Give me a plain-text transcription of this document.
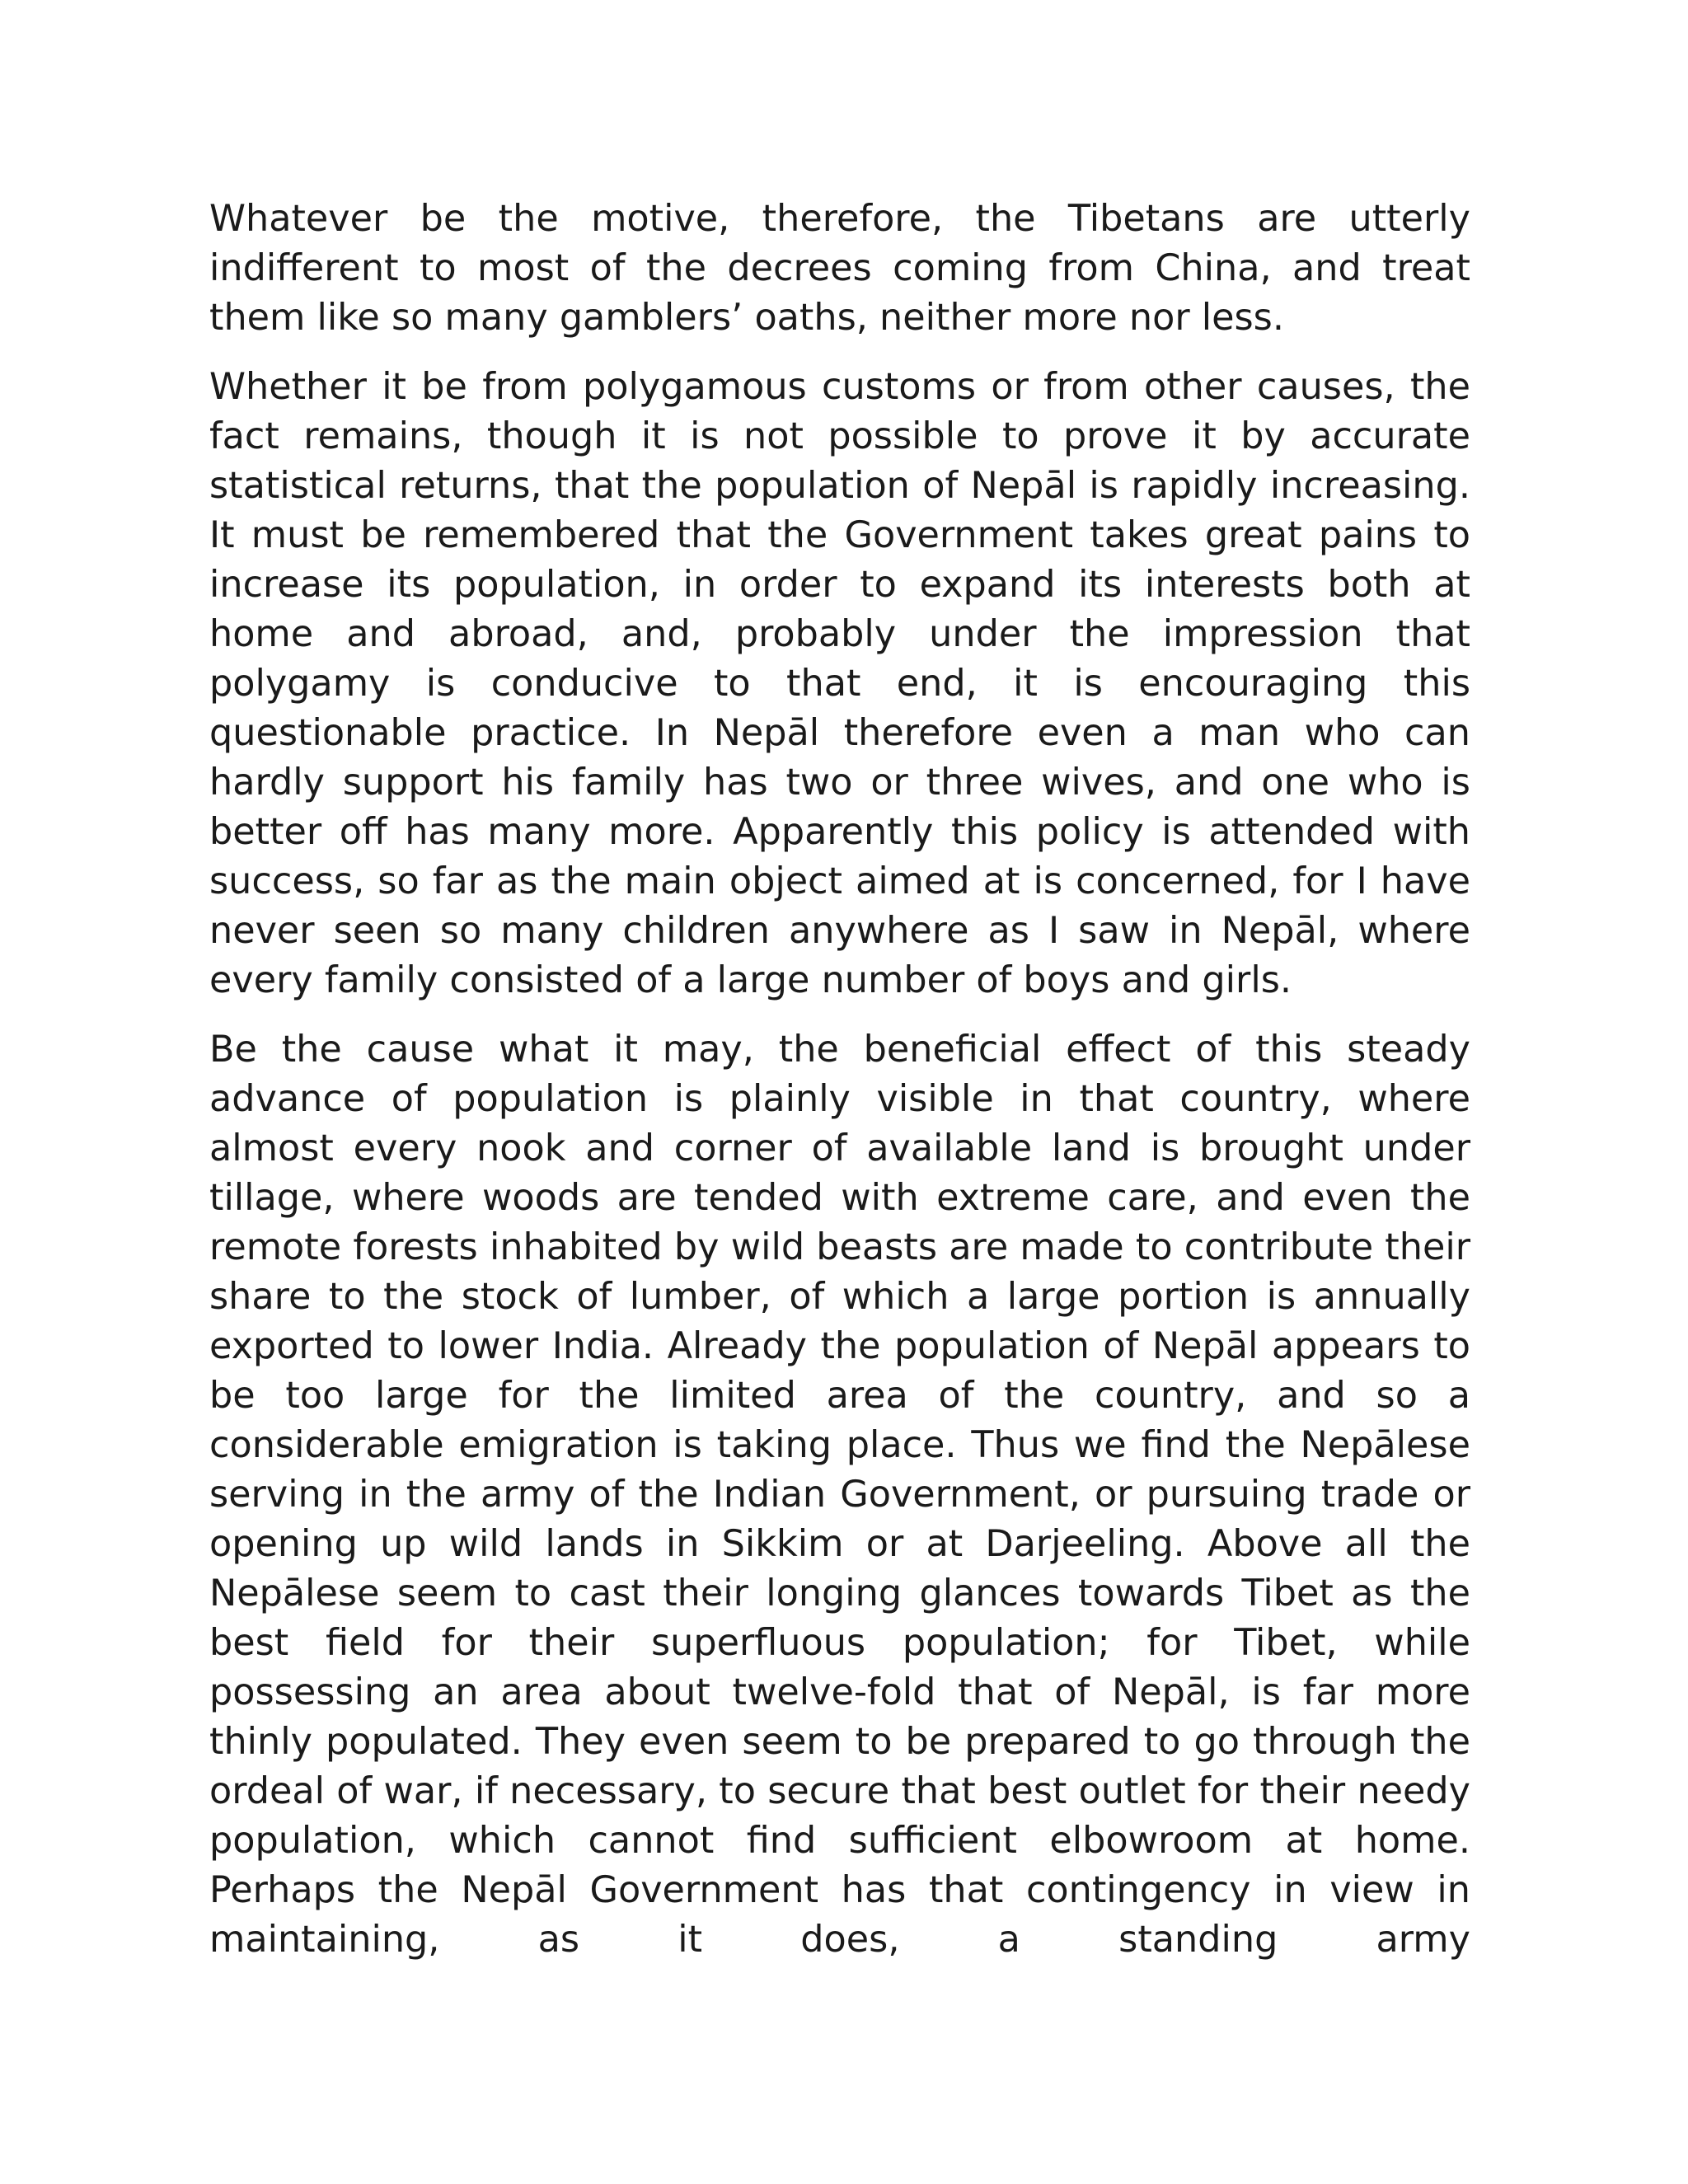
Whatever be the motive, therefore, the Tibetans are utterly indifferent to most of the decrees coming from China, and treat them like so many gamblers’ oaths, neither more nor less.

Whether it be from polygamous customs or from other causes, the fact remains, though it is not possible to prove it by accurate statistical returns, that the population of Nepāl is rapidly increasing. It must be remembered that the Government takes great pains to increase its population, in order to expand its interests both at home and abroad, and, probably under the impression that polygamy is conducive to that end, it is encouraging this questionable practice. In Nepāl therefore even a man who can hardly support his family has two or three wives, and one who is better off has many more. Apparently this policy is attended with success, so far as the main object aimed at is concerned, for I have never seen so many children anywhere as I saw in Nepāl, where every family consisted of a large number of boys and girls.

Be the cause what it may, the beneficial effect of this steady advance of population is plainly visible in that country, where almost every nook and corner of available land is brought under tillage, where woods are tended with extreme care, and even the remote forests inhabited by wild beasts are made to contribute their share to the stock of lumber, of which a large portion is annually exported to lower India. Already the population of Nepāl appears to be too large for the limited area of the country, and so a considerable emigration is taking place. Thus we find the Nepālese serving in the army of the Indian Government, or pursuing trade or opening up wild lands in Sikkim or at Darjeeling. Above all the Nepālese seem to cast their longing glances towards Tibet as the best field for their superfluous population; for Tibet, while possessing an area about twelve-fold that of Nepāl, is far more thinly populated. They even seem to be prepared to go through the ordeal of war, if necessary, to secure that best outlet for their needy population, which cannot find sufficient elbowroom at home. Perhaps the Nepāl Government has that contingency in view in maintaining, as it does, a standing army
